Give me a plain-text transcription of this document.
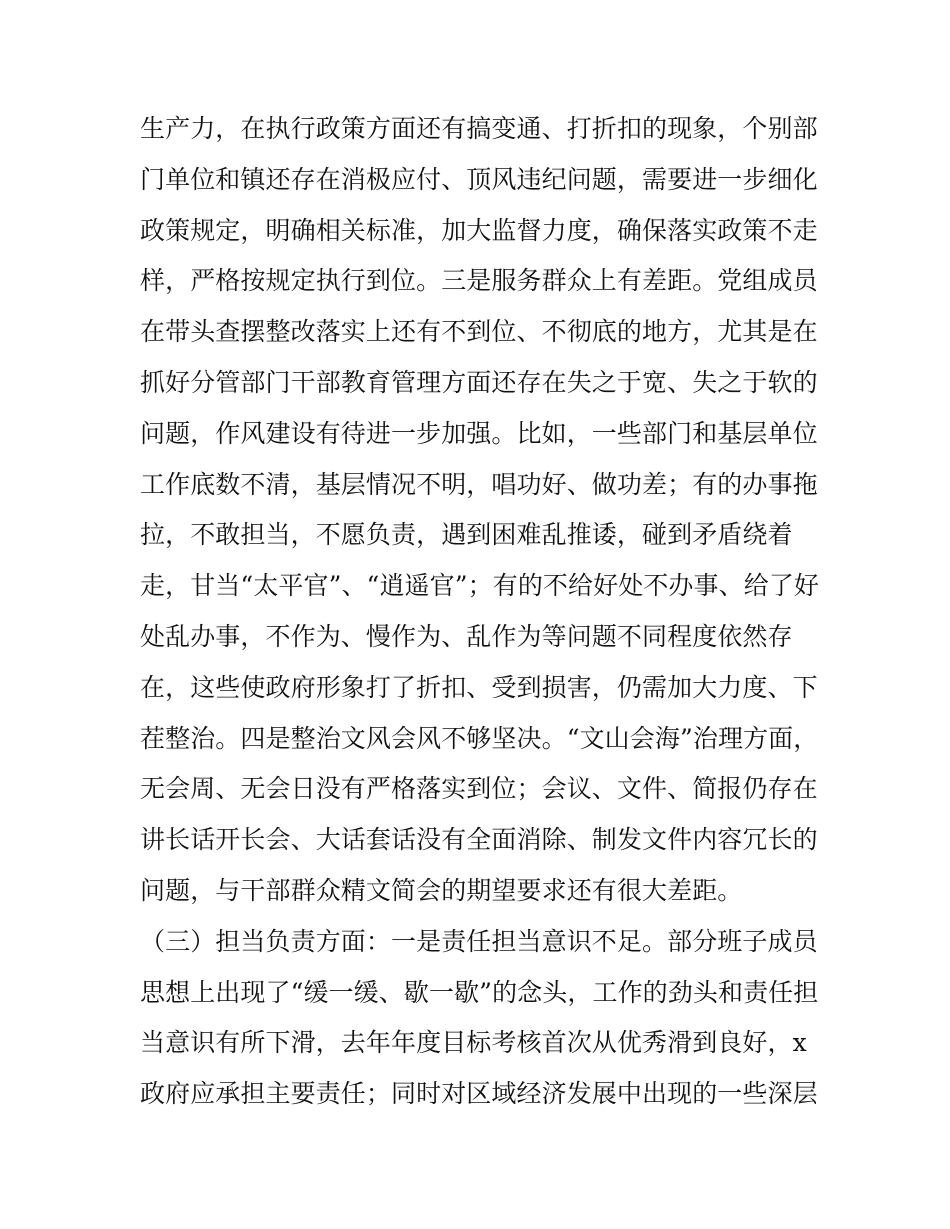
生产力，在执行政策方面还有搞变通、打折扣的现象，个别部
门单位和镇还存在消极应付、顶风违纪问题，需要进一步细化
政策规定，明确相关标准，加大监督力度，确保落实政策不走
样，严格按规定执行到位。三是服务群众上有差距。党组成员
在带头查摆整改落实上还有不到位、不彻底的地方，尤其是在
抓好分管部门干部教育管理方面还存在失之于宽、失之于软的
问题，作风建设有待进一步加强。比如，一些部门和基层单位
工作底数不清，基层情况不明，唱功好、做功差；有的办事拖
拉，不敢担当，不愿负责，遇到困难乱推诿，碰到矛盾绕着
走，甘当“太平官”、“逍遥官”；有的不给好处不办事、给了好
处乱办事，不作为、慢作为、乱作为等问题不同程度依然存
在，这些使政府形象打了折扣、受到损害，仍需加大力度、下
茬整治。四是整治文风会风不够坚决。“文山会海”治理方面，
无会周、无会日没有严格落实到位；会议、文件、简报仍存在
讲长话开长会、大话套话没有全面消除、制发文件内容冗长的
问题，与干部群众精文简会的期望要求还有很大差距。
（三）担当负责方面：一是责任担当意识不足。部分班子成员
思想上出现了“缓一缓、歇一歇”的念头，工作的劲头和责任担
当意识有所下滑，去年年度目标考核首次从优秀滑到良好，x
政府应承担主要责任；同时对区域经济发展中出现的一些深层
